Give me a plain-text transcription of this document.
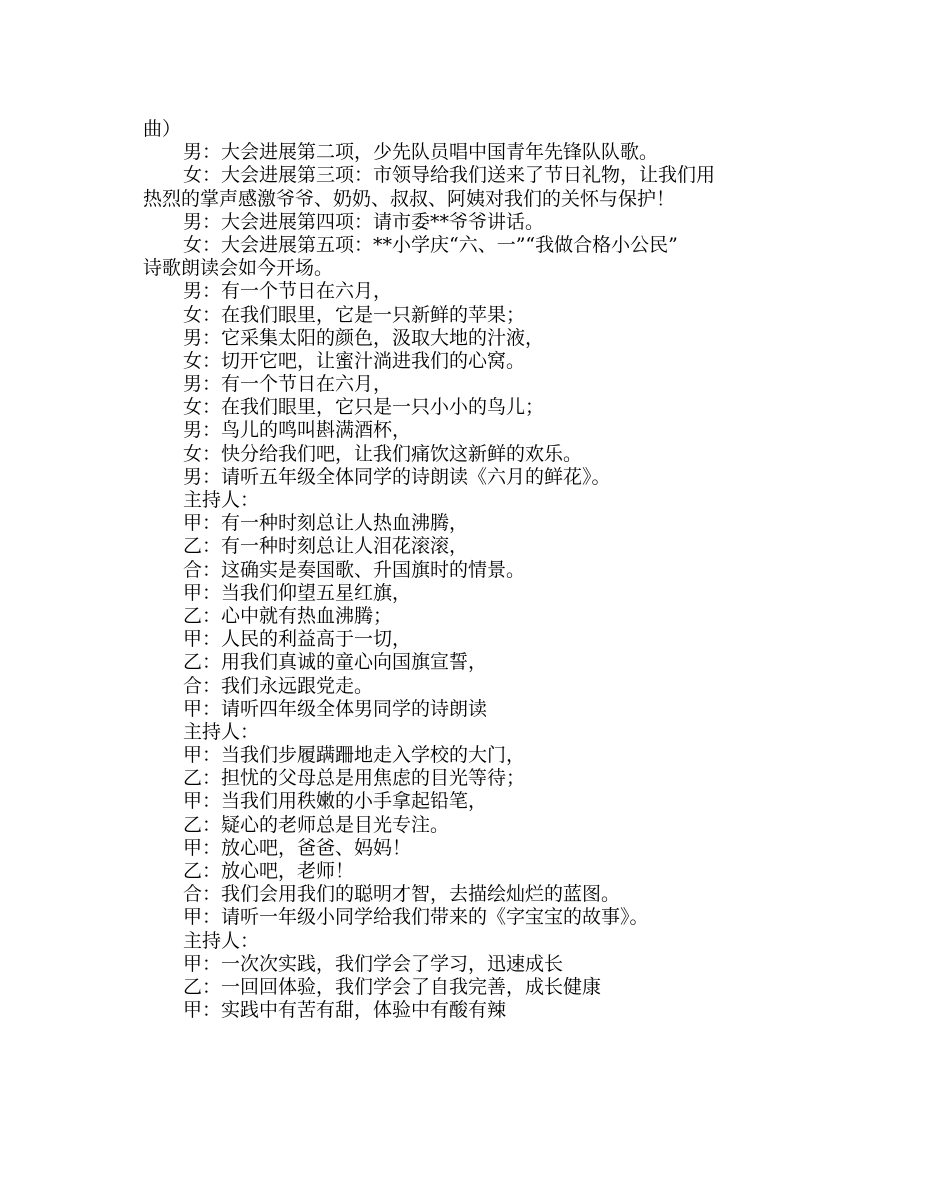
曲）
男：大会进展第二项，少先队员唱中国青年先锋队队歌。
女：大会进展第三项：市领导给我们送来了节日礼物，让我们用
热烈的掌声感激爷爷、奶奶、叔叔、阿姨对我们的关怀与保护！
男：大会进展第四项：请市委**爷爷讲话。
女：大会进展第五项：**小学庆“六、一”“我做合格小公民”
诗歌朗读会如今开场。
男：有一个节日在六月，
女：在我们眼里，它是一只新鲜的苹果；
男：它采集太阳的颜色，汲取大地的汁液，
女：切开它吧，让蜜汁淌进我们的心窝。
男：有一个节日在六月，
女：在我们眼里，它只是一只小小的鸟儿；
男：鸟儿的鸣叫斟满酒杯，
女：快分给我们吧，让我们痛饮这新鲜的欢乐。
男：请听五年级全体同学的诗朗读《六月的鲜花》。
主持人：
甲：有一种时刻总让人热血沸腾，
乙：有一种时刻总让人泪花滚滚，
合：这确实是奏国歌、升国旗时的情景。
甲：当我们仰望五星红旗，
乙：心中就有热血沸腾；
甲：人民的利益高于一切，
乙：用我们真诚的童心向国旗宣誓，
合：我们永远跟党走。
甲：请听四年级全体男同学的诗朗读
主持人：
甲：当我们步履蹒跚地走入学校的大门，
乙：担忧的父母总是用焦虑的目光等待；
甲：当我们用秩嫩的小手拿起铅笔，
乙：疑心的老师总是目光专注。
甲：放心吧，爸爸、妈妈！
乙：放心吧，老师！
合：我们会用我们的聪明才智，去描绘灿烂的蓝图。
甲：请听一年级小同学给我们带来的《字宝宝的故事》。
主持人：
甲：一次次实践，我们学会了学习，迅速成长
乙：一回回体验，我们学会了自我完善，成长健康
甲：实践中有苦有甜，体验中有酸有辣
